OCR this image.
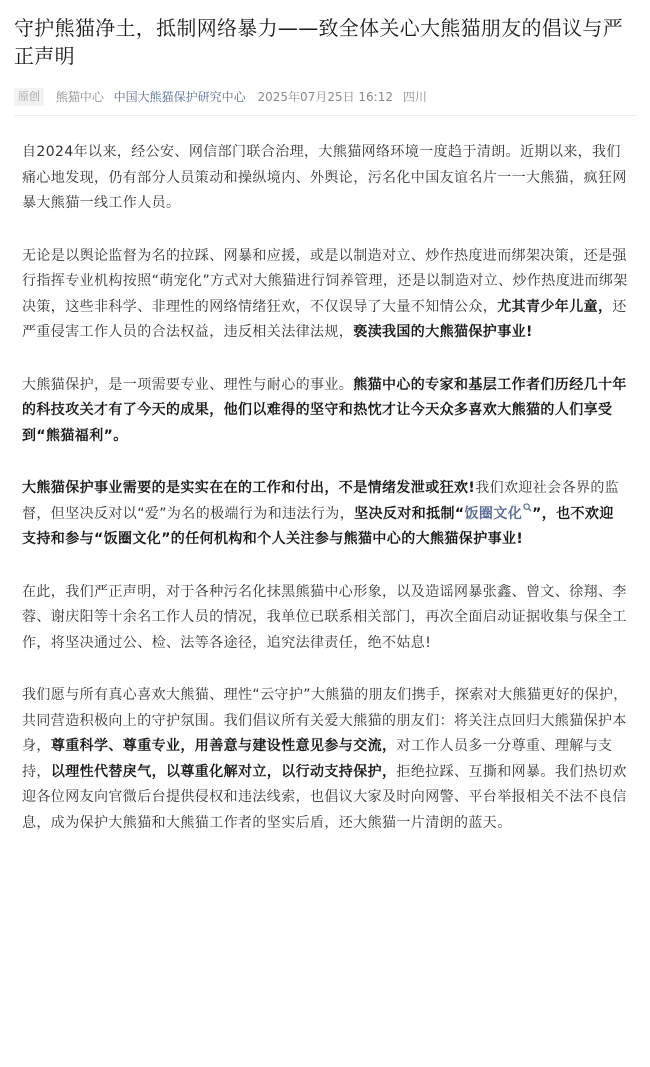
守护熊猫净土，抵制网络暴力——致全体关心大熊猫朋友的倡议与严正声明
原创 熊猫中心 中国大熊猫保护研究中心 2025年07月25日 16:12 四川

自2024年以来，经公安、网信部门联合治理，大熊猫网络环境一度趋于清朗。近期以来，我们痛心地发现，仍有部分人员策动和操纵境内、外舆论，污名化中国友谊名片一一大熊猫，疯狂网暴大熊猫一线工作人员。

无论是以舆论监督为名的拉踩、网暴和应援，或是以制造对立、炒作热度进而绑架决策，还是强行指挥专业机构按照“萌宠化”方式对大熊猫进行饲养管理，还是以制造对立、炒作热度进而绑架决策，这些非科学、非理性的网络情绪狂欢，不仅误导了大量不知情公众，尤其青少年儿童，还严重侵害工作人员的合法权益，违反相关法律法规，亵渎我国的大熊猫保护事业!

大熊猫保护，是一项需要专业、理性与耐心的事业。熊猫中心的专家和基层工作者们历经几十年的科技攻关才有了今天的成果，他们以难得的坚守和热忱才让今天众多喜欢大熊猫的人们享受到“熊猫福利”。

大熊猫保护事业需要的是实实在在的工作和付出，不是情绪发泄或狂欢!我们欢迎社会各界的监督，但坚决反对以“爱”为名的极端行为和违法行为，坚决反对和抵制“饭圈文化 ”，也不欢迎支持和参与“饭圈文化”的任何机构和个人关注参与熊猫中心的大熊猫保护事业!

在此，我们严正声明，对于各种污名化抹黑熊猫中心形象，以及造谣网暴张鑫、曾文、徐翔、李蓉、谢庆阳等十余名工作人员的情况，我单位已联系相关部门，再次全面启动证据收集与保全工作，将坚决通过公、检、法等各途径，追究法律责任，绝不姑息!

我们愿与所有真心喜欢大熊猫、理性“云守护”大熊猫的朋友们携手，探索对大熊猫更好的保护，共同营造积极向上的守护氛围。我们倡议所有关爱大熊猫的朋友们：将关注点回归大熊猫保护本身，尊重科学、尊重专业，用善意与建设性意见参与交流，对工作人员多一分尊重、理解与支持，以理性代替戾气，以尊重化解对立，以行动支持保护，拒绝拉踩、互撕和网暴。我们热切欢迎各位网友向官微后台提供侵权和违法线索，也倡议大家及时向网警、平台举报相关不法不良信息，成为保护大熊猫和大熊猫工作者的坚实后盾，还大熊猫一片清朗的蓝天。
